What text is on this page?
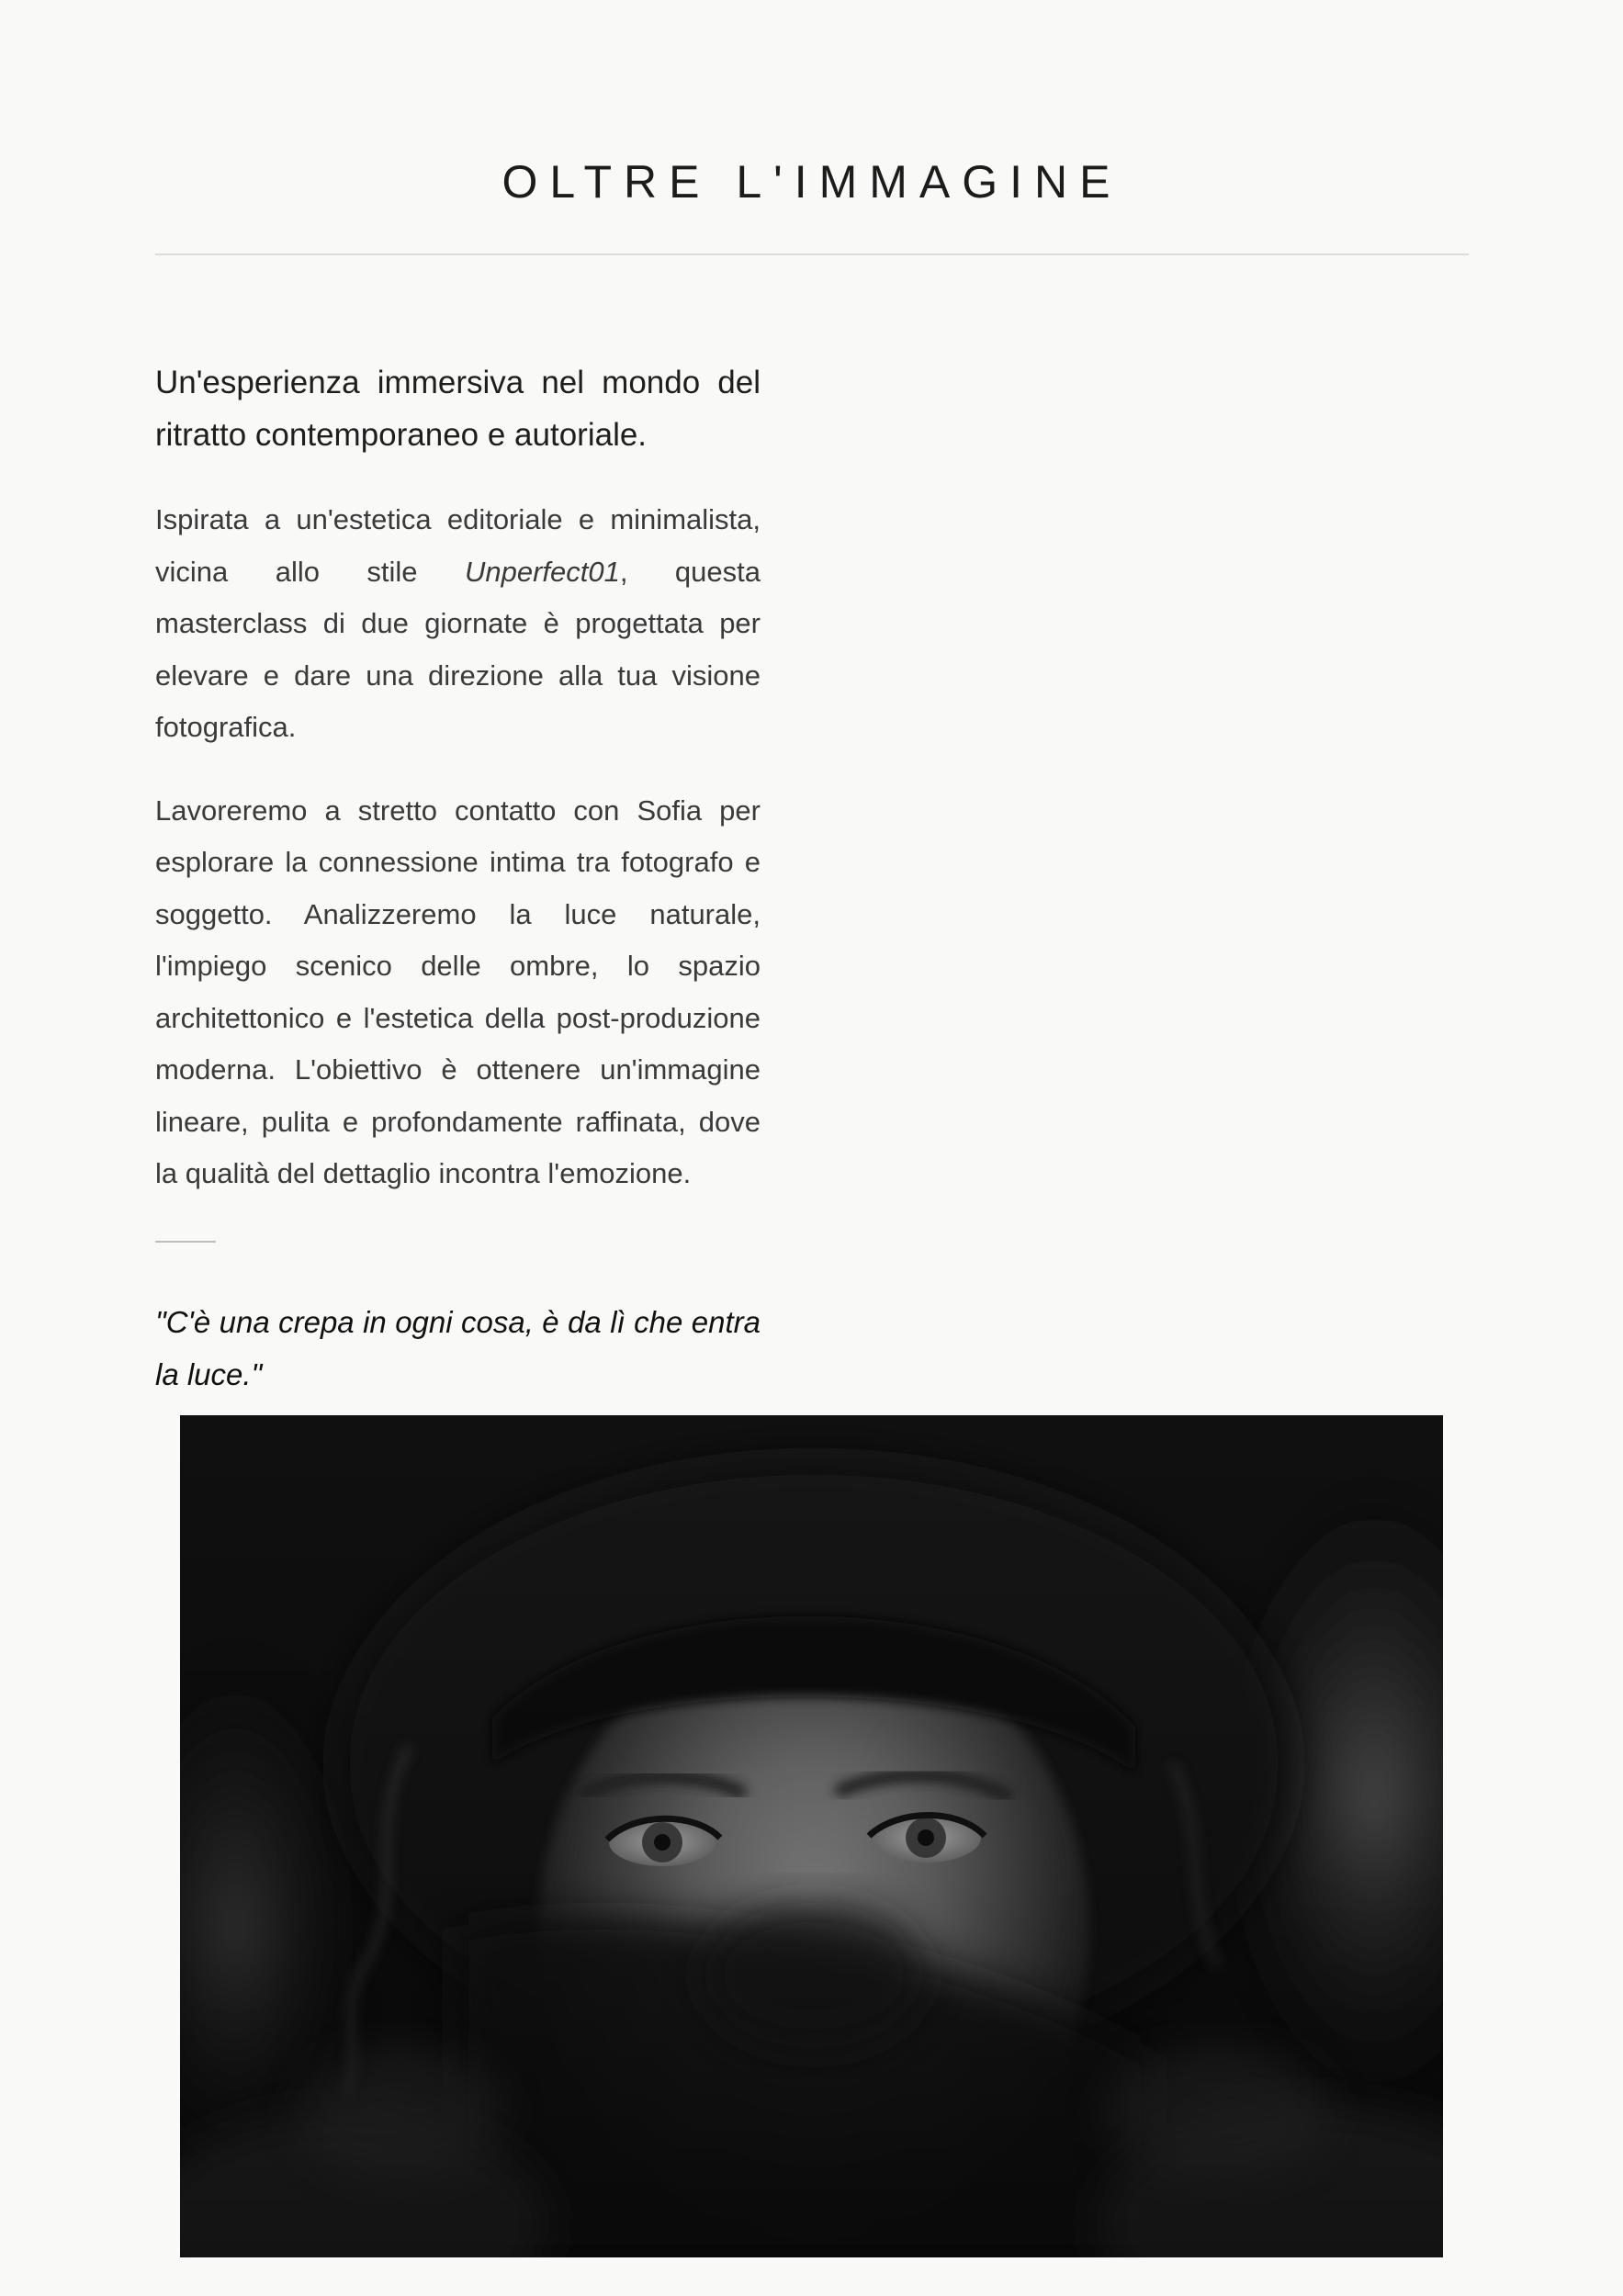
OLTRE L'IMMAGINE

Un'esperienza immersiva nel mondo del ritratto contemporaneo e autoriale.

Ispirata a un'estetica editoriale e minimalista, vicina allo stile Unperfect01, questa masterclass di due giornate è progettata per elevare e dare una direzione alla tua visione fotografica.

Lavoreremo a stretto contatto con Sofia per esplorare la connessione intima tra fotografo e soggetto. Analizzeremo la luce naturale, l'impiego scenico delle ombre, lo spazio architettonico e l'estetica della post-produzione moderna. L'obiettivo è ottenere un'immagine lineare, pulita e profondamente raffinata, dove la qualità del dettaglio incontra l'emozione.

"C'è una crepa in ogni cosa, è da lì che entra la luce."
